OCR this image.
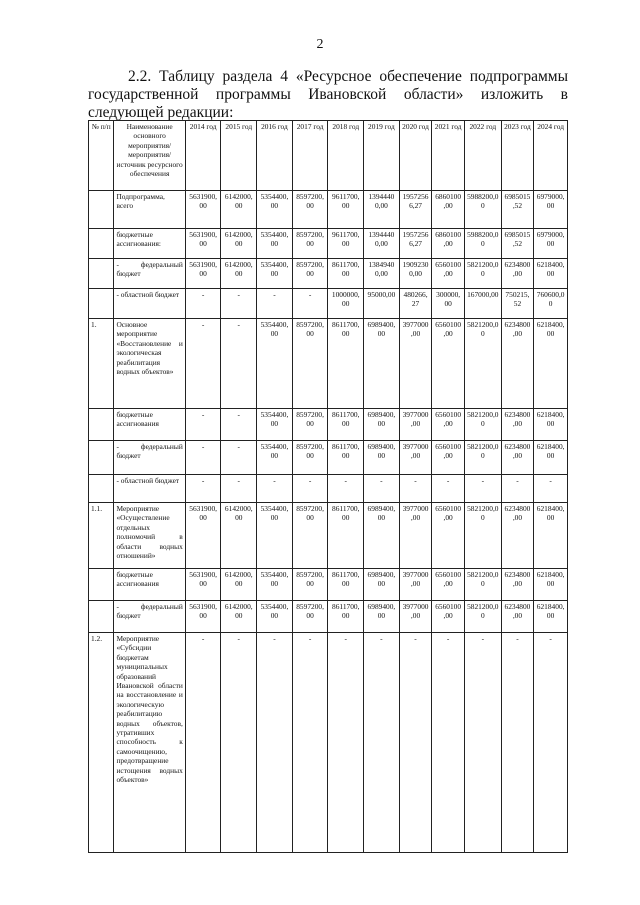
2
2.2. Таблицу раздела 4 «Ресурсное обеспечение подпрограммы государственной программы Ивановской области» изложить в следующей редакции:
№ п/п	Наименование основного мероприятия/мероприятия/источник ресурсного обеспечения	2014 год	2015 год	2016 год	2017 год	2018 год	2019 год	2020 год	2021 год	2022 год	2023 год	2024 год
	Подпрограмма, всего	5631900,00	6142000,00	5354400,00	8597200,00	9611700,00	1394440 0,00	19572566,27	6860100,00	5988200,00	6985015,52	6979000,00
	бюджетные ассигнования:	5631900,00	6142000,00	5354400,00	8597200,00	9611700,00	1394440 0,00	19572566,27	6860100,00	5988200,00	6985015,52	6979000,00
	- федеральный бюджет	5631900,00	6142000,00	5354400,00	8597200,00	8611700,00	1384940 0,00	19092300,00	6560100,00	5821200,00	6234800,00	6218400,00
	- областной бюджет	-	-	-	-	1000000,00	95000,00	480266,27	300000,00	167000,00	750215,52	760600,00
1.	Основное мероприятие «Восстановление и экологическая реабилитация водных объектов»	-	-	5354400,00	8597200,00	8611700,00	6989400,00	3977000,00	6560100,00	5821200,00	6234800,00	6218400,00
	бюджетные ассигнования	-	-	5354400,00	8597200,00	8611700,00	6989400,00	3977000,00	6560100,00	5821200,00	6234800,00	6218400,00
	- федеральный бюджет	-	-	5354400,00	8597200,00	8611700,00	6989400,00	3977000,00	6560100,00	5821200,00	6234800,00	6218400,00
	- областной бюджет	-	-	-	-	-	-	-	-	-	-	-
1.1.	Мероприятие «Осуществление отдельных полномочий в области водных отношений»	5631900,00	6142000,00	5354400,00	8597200,00	8611700,00	6989400,00	3977000,00	6560100,00	5821200,00	6234800,00	6218400,00
	бюджетные ассигнования	5631900,00	6142000,00	5354400,00	8597200,00	8611700,00	6989400,00	3977000,00	6560100,00	5821200,00	6234800,00	6218400,00
	- федеральный бюджет	5631900,00	6142000,00	5354400,00	8597200,00	8611700,00	6989400,00	3977000,00	6560100,00	5821200,00	6234800,00	6218400,00
1.2.	Мероприятие «Субсидии бюджетам муниципальных образований Ивановской области на восстановление и экологическую реабилитацию водных объектов, утративших способность к самоочищению, предотвращение истощения водных объектов»	-	-	-	-	-	-	-	-	-	-	-
